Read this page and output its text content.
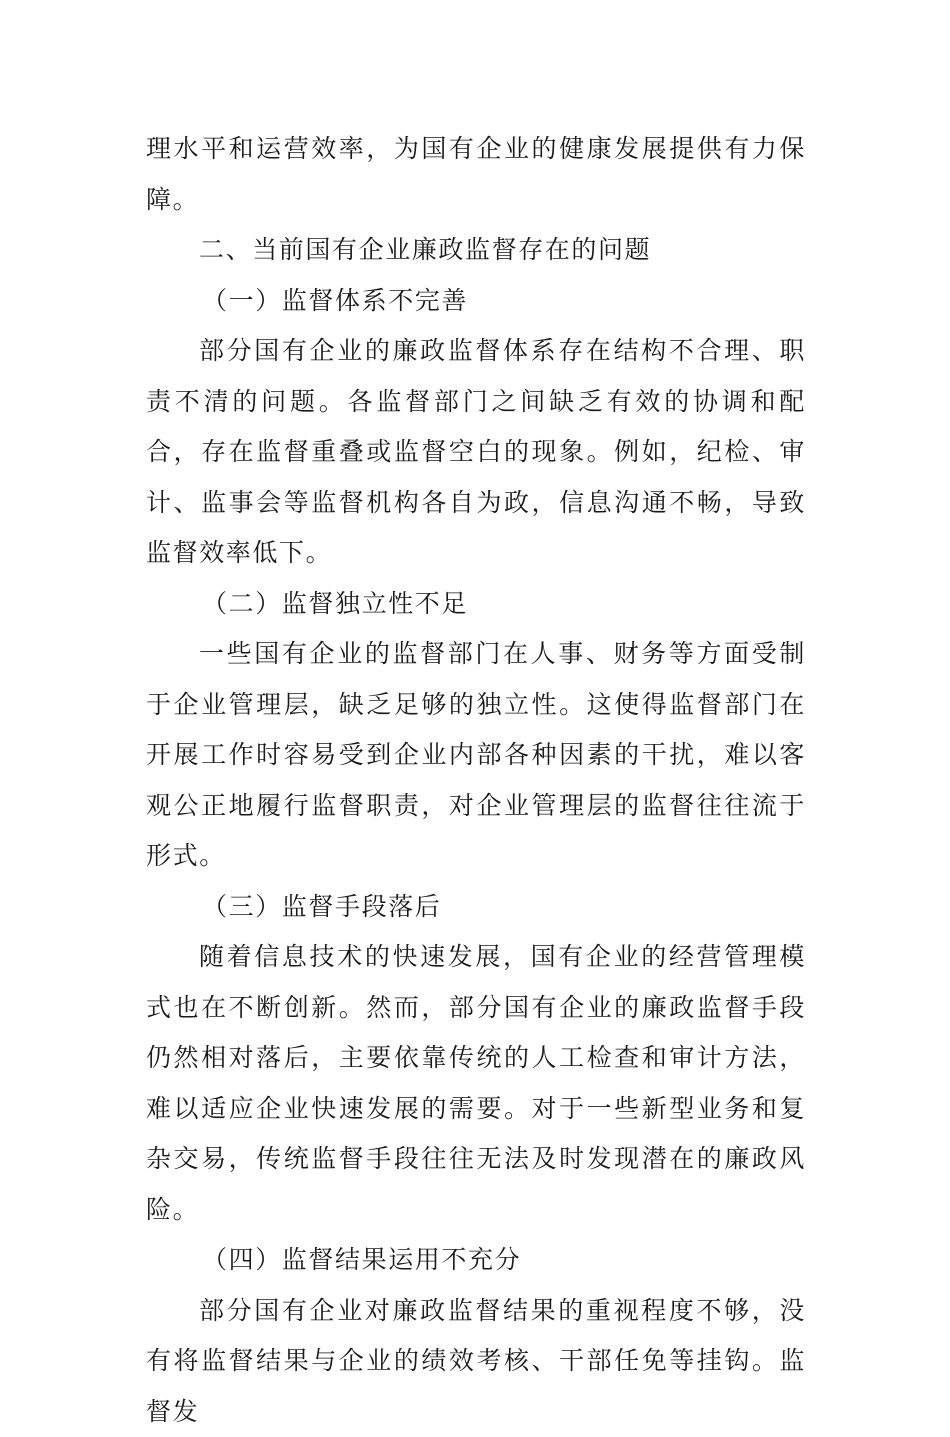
理水平和运营效率，为国有企业的健康发展提供有力保障。

二、当前国有企业廉政监督存在的问题

（一）监督体系不完善

部分国有企业的廉政监督体系存在结构不合理、职责不清的问题。各监督部门之间缺乏有效的协调和配合，存在监督重叠或监督空白的现象。例如，纪检、审计、监事会等监督机构各自为政，信息沟通不畅，导致监督效率低下。

（二）监督独立性不足

一些国有企业的监督部门在人事、财务等方面受制于企业管理层，缺乏足够的独立性。这使得监督部门在开展工作时容易受到企业内部各种因素的干扰，难以客观公正地履行监督职责，对企业管理层的监督往往流于形式。

（三）监督手段落后

随着信息技术的快速发展，国有企业的经营管理模式也在不断创新。然而，部分国有企业的廉政监督手段仍然相对落后，主要依靠传统的人工检查和审计方法，难以适应企业快速发展的需要。对于一些新型业务和复杂交易，传统监督手段往往无法及时发现潜在的廉政风险。

（四）监督结果运用不充分

部分国有企业对廉政监督结果的重视程度不够，没有将监督结果与企业的绩效考核、干部任免等挂钩。监督发
